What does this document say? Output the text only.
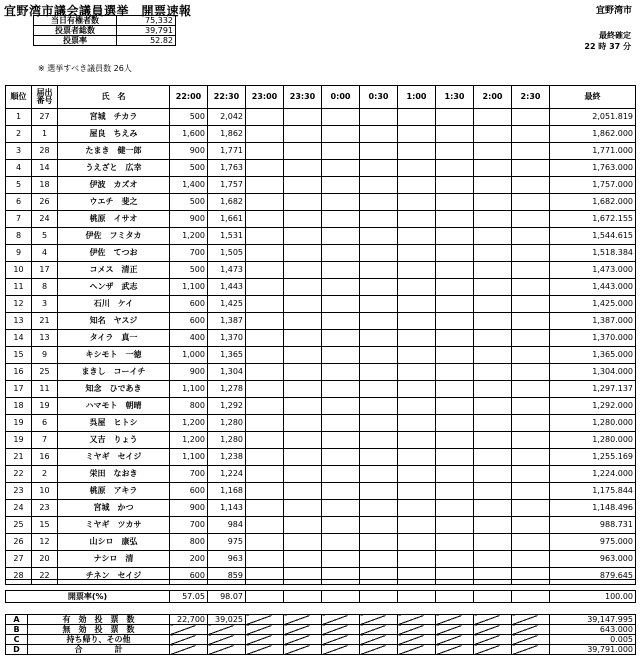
宜野湾市議会議員選挙　開票速報	宜野湾市
当日有権者数	75,332
投票者総数	39,791
投票率	52.82
最終確定
22 時 37 分
※ 選挙すべき議員数 26人
順位	届出番号	氏　名	22:00	22:30	23:00	23:30	0:00	0:30	1:00	1:30	2:00	2:30	最終
1	27	宮城　チカラ	500	2,042									2,051.819
2	1	屋良　ちえみ	1,600	1,862									1,862.000
3	28	たまき　健一郎	900	1,771									1,771.000
4	14	うえざと　広幸	500	1,763									1,763.000
5	18	伊波　カズオ	1,400	1,757									1,757.000
6	26	ウエチ　斐之	500	1,682									1,682.000
7	24	桃原　イサオ	900	1,661									1,672.155
8	5	伊佐　フミタカ	1,200	1,531									1,544.615
9	4	伊佐　てつお	700	1,505									1,518.384
10	17	コメス　清正	500	1,473									1,473.000
11	8	ヘンザ　武志	1,100	1,443									1,443.000
12	3	石川　ケイ	600	1,425									1,425.000
13	21	知名　ヤスジ	600	1,387									1,387.000
14	13	タイラ　真一	400	1,370									1,370.000
15	9	キシモト　一徳	1,000	1,365									1,365.000
16	25	まきし　コーイチ	900	1,304									1,304.000
17	11	知念　ひであき	1,100	1,278									1,297.137
18	19	ハマモト　朝晴	800	1,292									1,292.000
19	6	呉屋　ヒトシ	1,200	1,280									1,280.000
19	7	又吉　りょう	1,200	1,280									1,280.000
21	16	ミヤギ　セイジ	1,100	1,238									1,255.169
22	2	栄田　なおき	700	1,224									1,224.000
23	10	桃原　アキラ	600	1,168									1,175.844
24	23	宮城　かつ	900	1,143									1,148.496
25	15	ミヤギ　ツカサ	700	984									988.731
26	12	山シロ　康弘	800	975									975.000
27	20	ナシロ　清	200	963									963.000
28	22	チネン　セイジ	600	859									879.645
開票率(%)	57.05	98.07									100.00
A	有　効　投　票　数	22,700	39,025									39,147.995
B	無　効　投　票　数											643.000
C	持ち帰り、その他											0.005
D	合　　　　計											39,791.000
